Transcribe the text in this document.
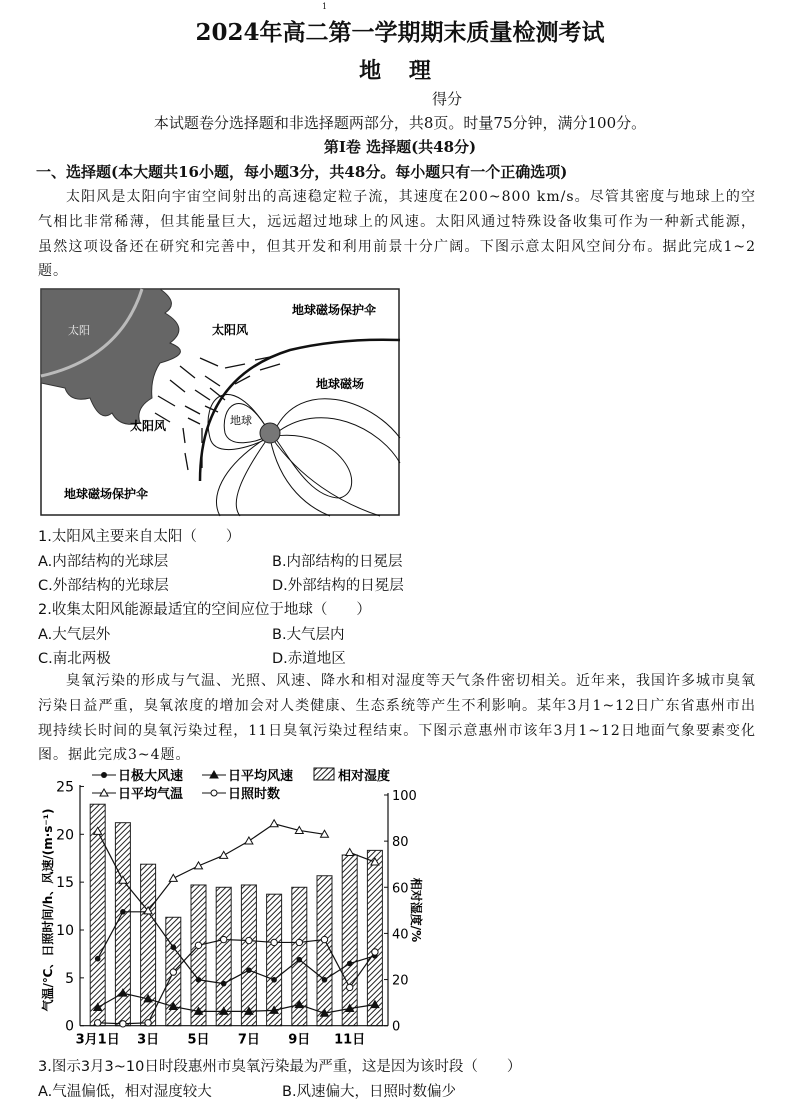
1
2024年高二第一学期期末质量检测考试
地 理
得分
本试题卷分选择题和非选择题两部分，共8页。时量75分钟，满分100分。
第Ⅰ卷 选择题(共48分)
一、选择题(本大题共16小题，每小题3分，共48分。每小题只有一个正确选项)
太阳风是太阳向宇宙空间射出的高速稳定粒子流，其速度在200~800 km/s。尽管其密度与地球上的空气相比非常稀薄，但其能量巨大，远远超过地球上的风速。太阳风通过特殊设备收集可作为一种新式能源，虽然这项设备还在研究和完善中，但其开发和利用前景十分广阔。下图示意太阳风空间分布。据此完成1~2题。
太阳	太阳风
太阳风
地球磁场保护伞
地球磁场保护伞
地球磁场
地球
1.太阳风主要来自太阳（　　）
A.内部结构的光球层	B.内部结构的日冕层
C.外部结构的光球层	D.外部结构的日冕层
2.收集太阳风能源最适宜的空间应位于地球（　　）
A.大气层外	B.大气层内
C.南北两极	D.赤道地区
臭氧污染的形成与气温、光照、风速、降水和相对湿度等天气条件密切相关。近年来，我国许多城市臭氧污染日益严重，臭氧浓度的增加会对人类健康、生态系统等产生不利影响。某年3月1~12日广东省惠州市出现持续长时间的臭氧污染过程，11日臭氧污染过程结束。下图示意惠州市该年3月1~12日地面气象要素变化图。据此完成3~4题。
0
5
10
15
20
25
0
20
40
60
80
100
3月1日 3日 5日 7日 9日 11日
气温/℃、日照时间/h、风速/(m·s⁻¹)	相对湿度/%
日极大风速	日平均风速
日平均气温	日照时数
相对湿度
3.图示3月3~10日时段惠州市臭氧污染最为严重，这是因为该时段（　　）
A.气温偏低，相对湿度较大	B.风速偏大，日照时数偏少
